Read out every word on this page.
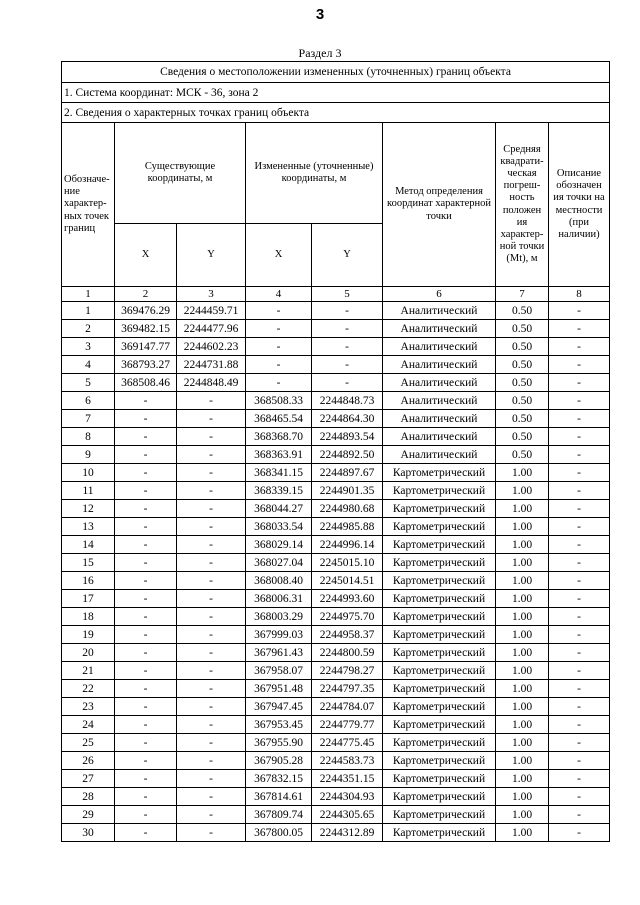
3
Раздел 3
Сведения о местоположении измененных (уточненных) границ объекта							
1. Система координат: МСК - 36, зона 2							
2. Сведения о характерных точках границ объекта							
Обозначе-ние характер-ных точек границ	Существующие координаты, м		Измененные (уточненные) координаты, м		Метод определения координат характерной точки	Средняя квадрати-ческая погреш-ность положен ия характер-ной точки (Mt), м	Описание обозначен ия точки на местности (при наличии)
	X	Y	X	Y			
1	2	3	4	5	6	7	8
1	369476.29	2244459.71	-	-	Аналитический	0.50	-
2	369482.15	2244477.96	-	-	Аналитический	0.50	-
3	369147.77	2244602.23	-	-	Аналитический	0.50	-
4	368793.27	2244731.88	-	-	Аналитический	0.50	-
5	368508.46	2244848.49	-	-	Аналитический	0.50	-
6	-	-	368508.33	2244848.73	Аналитический	0.50	-
7	-	-	368465.54	2244864.30	Аналитический	0.50	-
8	-	-	368368.70	2244893.54	Аналитический	0.50	-
9	-	-	368363.91	2244892.50	Аналитический	0.50	-
10	-	-	368341.15	2244897.67	Картометрический	1.00	-
11	-	-	368339.15	2244901.35	Картометрический	1.00	-
12	-	-	368044.27	2244980.68	Картометрический	1.00	-
13	-	-	368033.54	2244985.88	Картометрический	1.00	-
14	-	-	368029.14	2244996.14	Картометрический	1.00	-
15	-	-	368027.04	2245015.10	Картометрический	1.00	-
16	-	-	368008.40	2245014.51	Картометрический	1.00	-
17	-	-	368006.31	2244993.60	Картометрический	1.00	-
18	-	-	368003.29	2244975.70	Картометрический	1.00	-
19	-	-	367999.03	2244958.37	Картометрический	1.00	-
20	-	-	367961.43	2244800.59	Картометрический	1.00	-
21	-	-	367958.07	2244798.27	Картометрический	1.00	-
22	-	-	367951.48	2244797.35	Картометрический	1.00	-
23	-	-	367947.45	2244784.07	Картометрический	1.00	-
24	-	-	367953.45	2244779.77	Картометрический	1.00	-
25	-	-	367955.90	2244775.45	Картометрический	1.00	-
26	-	-	367905.28	2244583.73	Картометрический	1.00	-
27	-	-	367832.15	2244351.15	Картометрический	1.00	-
28	-	-	367814.61	2244304.93	Картометрический	1.00	-
29	-	-	367809.74	2244305.65	Картометрический	1.00	-
30	-	-	367800.05	2244312.89	Картометрический	1.00	-
